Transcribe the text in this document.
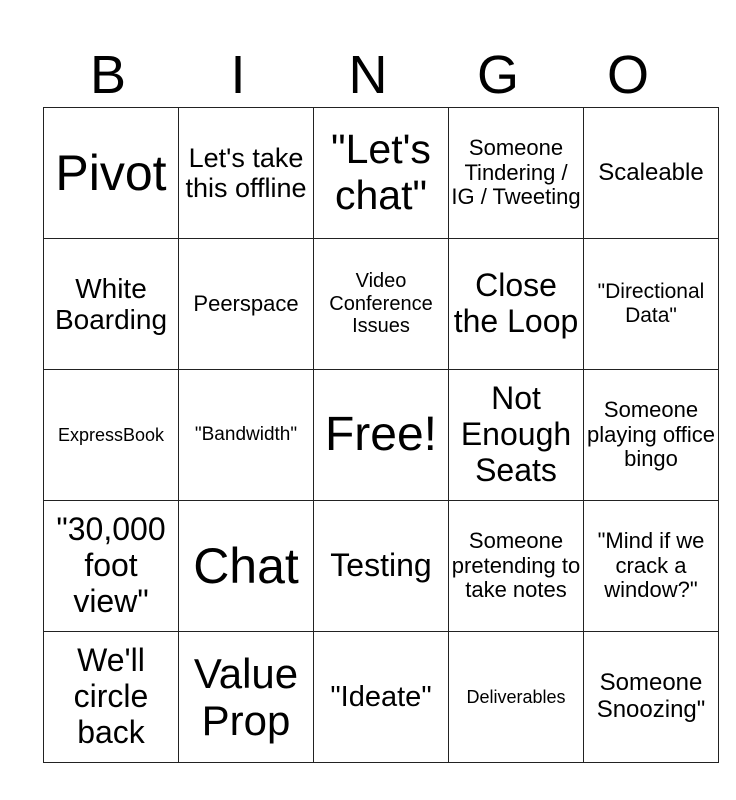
B	I	N	G	O
Pivot	Let's take this offline	"Let's chat"	Someone Tindering / IG / Tweeting	Scaleable

White Boarding	Peerspace	Video Conference Issues	Close the Loop	"Directional Data"

ExpressBook	"Bandwidth"	Free!	Not Enough Seats	Someone playing office bingo

"30,000 foot view"	Chat	Testing	Someone pretending to take notes	"Mind if we crack a window?"

We'll circle back	Value Prop	"Ideate"	Deliverables	Someone Snoozing"
